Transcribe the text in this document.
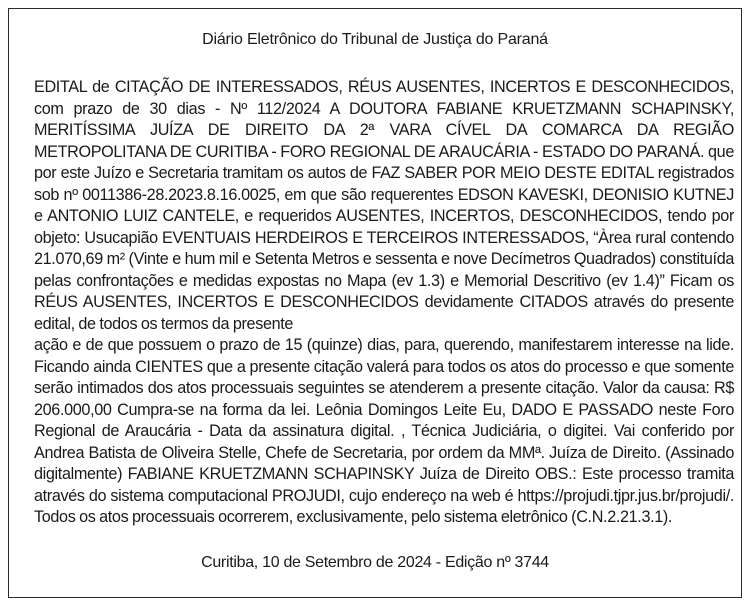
Diário Eletrônico do Tribunal de Justiça do Paraná

EDITAL de CITAÇÃO DE INTERESSADOS, RÉUS AUSENTES, INCERTOS E DESCONHECIDOS, com prazo de 30 dias - Nº 112/2024 A DOUTORA FABIANE KRUETZMANN SCHAPINSKY, MERITÍSSIMA JUÍZA DE DIREITO DA 2ª VARA CÍVEL DA COMARCA DA REGIÃO METROPOLITANA DE CURITIBA - FORO REGIONAL DE ARAUCÁRIA - ESTADO DO PARANÁ. que por este Juízo e Secretaria tramitam os autos de FAZ SABER POR MEIO DESTE EDITAL registrados sob nº 0011386-28.2023.8.16.0025, em que são requerentes EDSON KAVESKI, DEONISIO KUTNEJ e ANTONIO LUIZ CANTELE, e requeridos AUSENTES, INCERTOS, DESCONHECIDOS, tendo por objeto: Usucapião EVENTUAIS HERDEIROS E TERCEIROS INTERESSADOS, “Àrea rural contendo 21.070,69 m² (Vinte e hum mil e Setenta Metros e sessenta e nove Decímetros Quadrados) constituída pelas confrontações e medidas expostas no Mapa (ev 1.3) e Memorial Descritivo (ev 1.4)” Ficam os RÉUS AUSENTES, INCERTOS E DESCONHECIDOS devidamente CITADOS através do presente edital, de todos os termos da presente

ação e de que possuem o prazo de 15 (quinze) dias, para, querendo, manifestarem interesse na lide. Ficando ainda CIENTES que a presente citação valerá para todos os atos do processo e que somente serão intimados dos atos processuais seguintes se atenderem a presente citação. Valor da causa: R$ 206.000,00 Cumpra-se na forma da lei. Leônia Domingos Leite Eu, DADO E PASSADO neste Foro Regional de Araucária - Data da assinatura digital. , Técnica Judiciária, o digitei. Vai conferido por Andrea Batista de Oliveira Stelle, Chefe de Secretaria, por ordem da MMª. Juíza de Direito. (Assinado digitalmente) FABIANE KRUETZMANN SCHAPINSKY Juíza de Direito OBS.: Este processo tramita através do sistema computacional PROJUDI, cujo endereço na web é https://projudi.tjpr.jus.br/projudi/. Todos os atos processuais ocorrerem, exclusivamente, pelo sistema eletrônico (C.N.2.21.3.1).

Curitiba, 10 de Setembro de 2024 - Edição nº 3744
